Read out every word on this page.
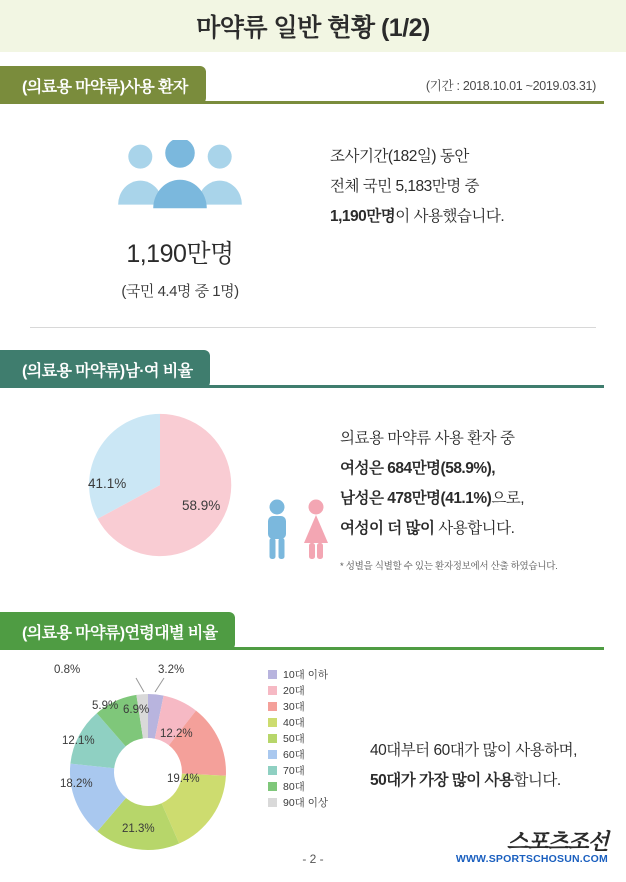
마약류 일반 현황 (1/2)
(의료용 마약류)사용 환자	(기간 : 2018.10.01 ~2019.03.31)
1,190만명
(국민 4.4명 중 1명)
조사기간(182일) 동안
전체 국민 5,183만명 중
1,190만명이 사용했습니다.
(의료용 마약류)남·여 비율
41.1%
58.9%
의료용 마약류 사용 환자 중
여성은 684만명(58.9%),
남성은 478만명(41.1%)으로,
여성이 더 많이 사용합니다.
* 성별을 식별할 수 있는 환자정보에서 산출 하였습니다.
(의료용 마약류)연령대별 비율
0.8%	3.2%
6.9%
12.2%
19.4%
21.3%
18.2%
12.1%
5.9%
10대 이하
20대
30대
40대
50대
60대
70대
80대
90대 이상
40대부터 60대가 많이 사용하며,
50대가 가장 많이 사용합니다.
- 2 -
스포츠조선
WWW.SPORTSCHOSUN.COM
